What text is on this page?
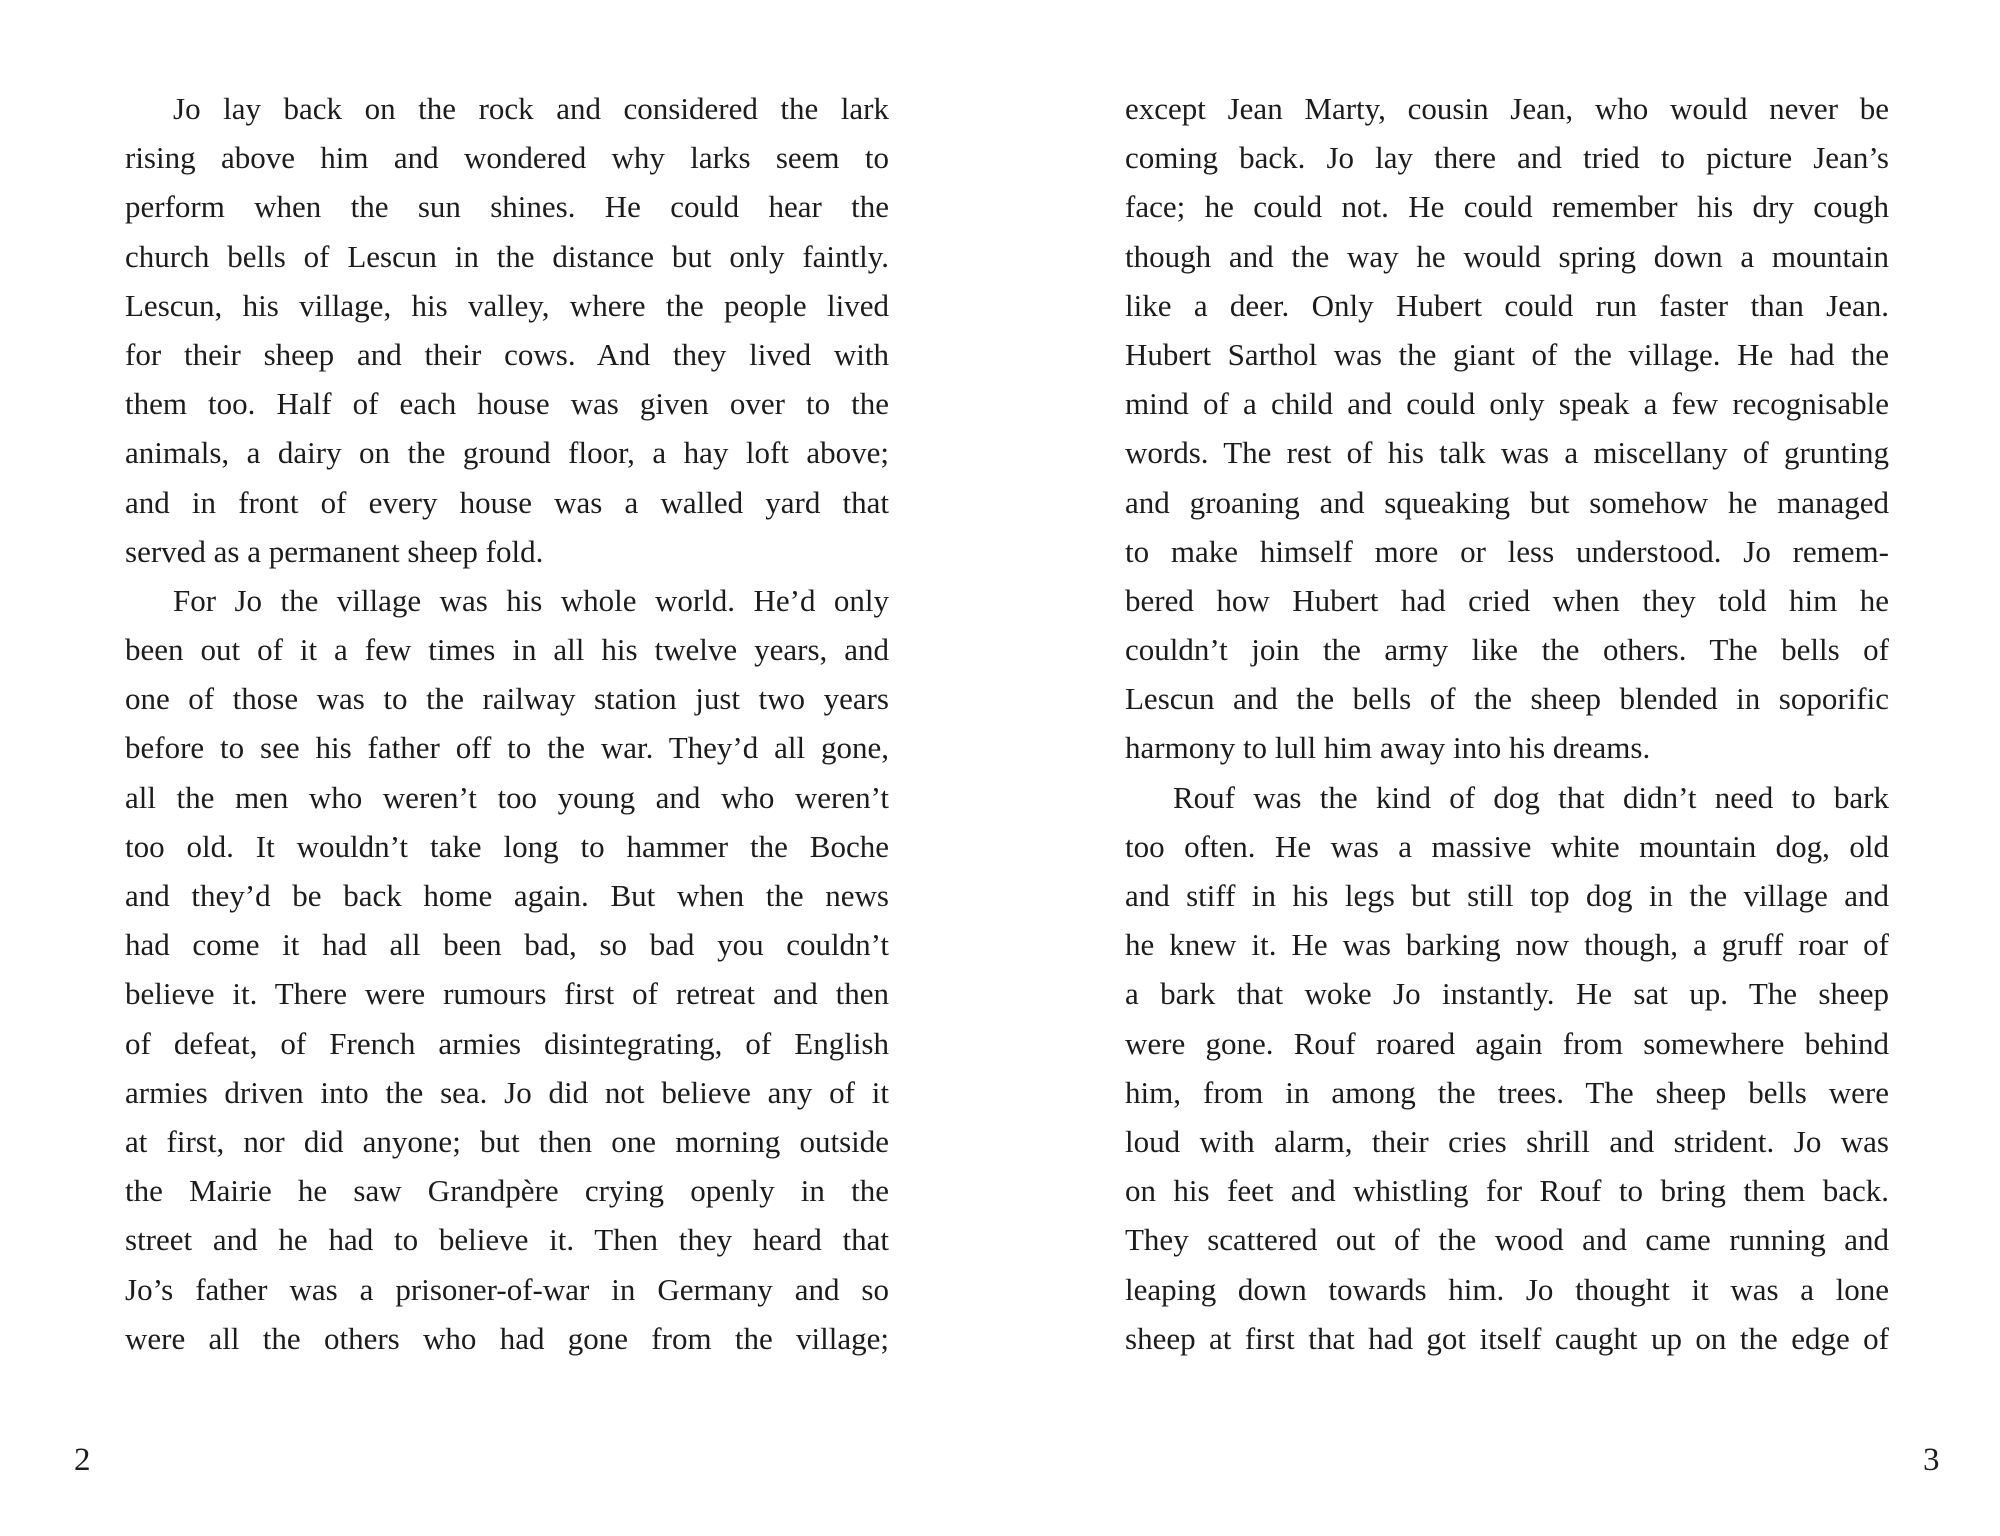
Jo lay back on the rock and considered the lark
rising above him and wondered why larks seem to
perform when the sun shines. He could hear the
church bells of Lescun in the distance but only faintly.
Lescun, his village, his valley, where the people lived
for their sheep and their cows. And they lived with
them too. Half of each house was given over to the
animals, a dairy on the ground floor, a hay loft above;
and in front of every house was a walled yard that
served as a permanent sheep fold.

For Jo the village was his whole world. He’d only
been out of it a few times in all his twelve years, and
one of those was to the railway station just two years
before to see his father off to the war. They’d all gone,
all the men who weren’t too young and who weren’t
too old. It wouldn’t take long to hammer the Boche
and they’d be back home again. But when the news
had come it had all been bad, so bad you couldn’t
believe it. There were rumours first of retreat and then
of defeat, of French armies disintegrating, of English
armies driven into the sea. Jo did not believe any of it
at first, nor did anyone; but then one morning outside
the Mairie he saw Grandpère crying openly in the
street and he had to believe it. Then they heard that
Jo’s father was a prisoner-of-war in Germany and so
were all the others who had gone from the village;

2

except Jean Marty, cousin Jean, who would never be
coming back. Jo lay there and tried to picture Jean’s
face; he could not. He could remember his dry cough
though and the way he would spring down a mountain
like a deer. Only Hubert could run faster than Jean.
Hubert Sarthol was the giant of the village. He had the
mind of a child and could only speak a few recognisable
words. The rest of his talk was a miscellany of grunting
and groaning and squeaking but somehow he managed
to make himself more or less understood. Jo remem-
bered how Hubert had cried when they told him he
couldn’t join the army like the others. The bells of
Lescun and the bells of the sheep blended in soporific
harmony to lull him away into his dreams.

Rouf was the kind of dog that didn’t need to bark
too often. He was a massive white mountain dog, old
and stiff in his legs but still top dog in the village and
he knew it. He was barking now though, a gruff roar of
a bark that woke Jo instantly. He sat up. The sheep
were gone. Rouf roared again from somewhere behind
him, from in among the trees. The sheep bells were
loud with alarm, their cries shrill and strident. Jo was
on his feet and whistling for Rouf to bring them back.
They scattered out of the wood and came running and
leaping down towards him. Jo thought it was a lone
sheep at first that had got itself caught up on the edge of

3
